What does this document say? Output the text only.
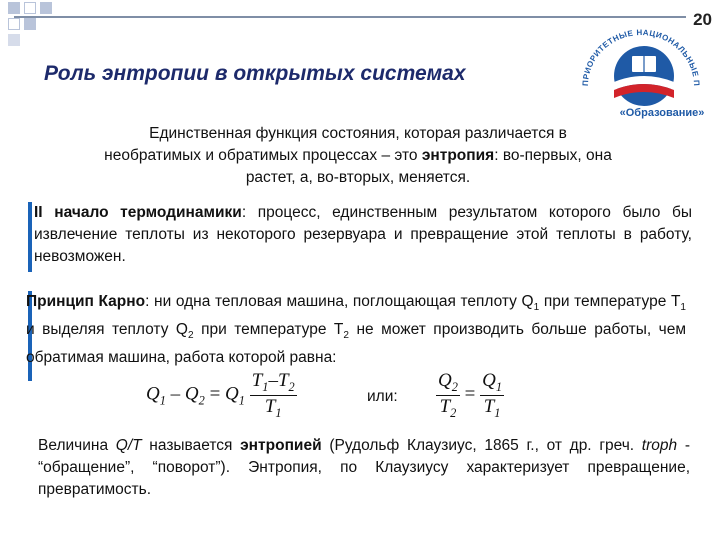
20
ПРИОРИТЕТНЫЕ НАЦИОНАЛЬНЫЕ П
«Образование»
Роль энтропии в открытых системах
Единственная функция состояния, которая различается в
необратимых и обратимых процессах – это энтропия: во-первых, она
растет, а, во-вторых, меняется.
II начало термодинамики: процесс, единственным результатом которого было бы извлечение теплоты из некоторого резервуара и превращение этой теплоты в работу, невозможен.
Принцип Карно: ни одна тепловая машина, поглощающая теплоту $Q_1$ при температуре $T_1$ и выделяя теплоту $Q_2$ при температуре $T_2$ не может производить больше работы, чем обратимая машина, работа которой равна:
$Q_1 - Q_2 = Q_1 \frac{T_1-T_2}{T_1}$	или: $\frac{Q_2}{T_2} = \frac{Q_1}{T_1}$
Величина Q/T называется энтропией (Рудольф Клаузиус, 1865 г., от др. греч. troph - “обращение”, “поворот”). Энтропия, по Клаузиусу характеризует превращение, превратимость.
